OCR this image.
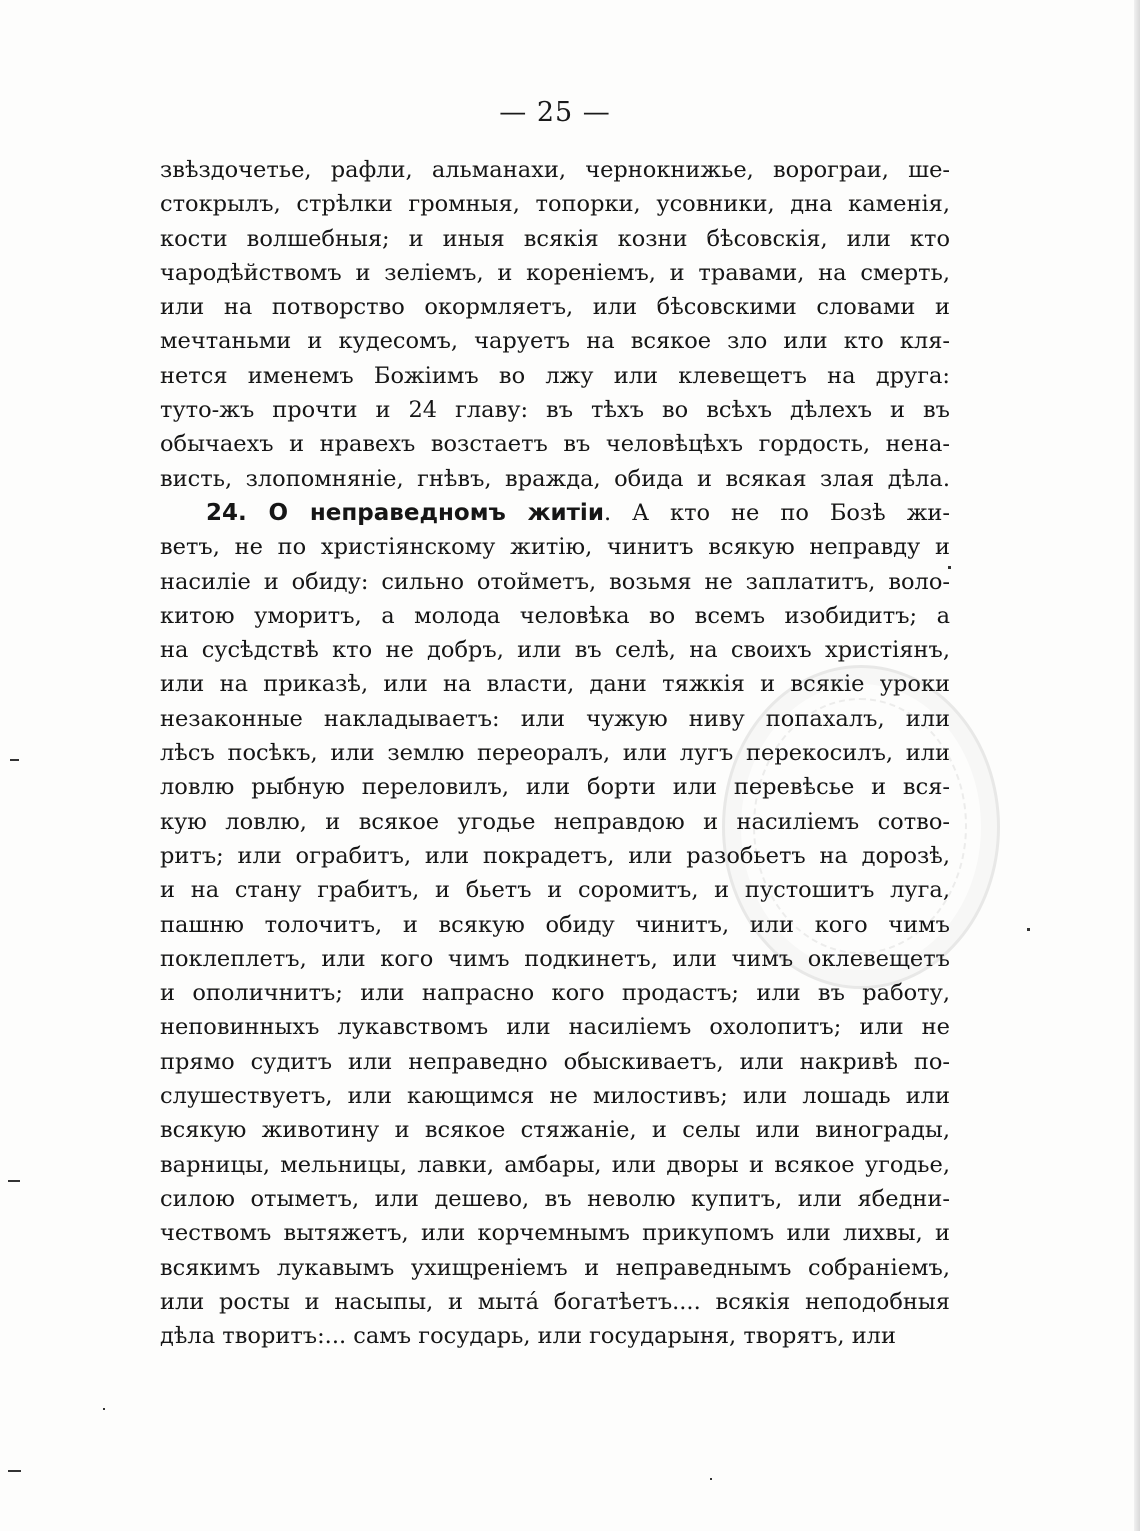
— 25 —
звѣздочетье, рафли, альманахи, чернокнижье, ворограи, ше-
стокрылъ, стрѣлки громныя, топорки, усовники, дна каменія,
кости волшебныя; и иныя всякія козни бѣсовскія, или кто
чародѣйствомъ и зеліемъ, и кореніемъ, и травами, на смерть,
или на потворство окормляетъ, или бѣсовскими словами и
мечтаньми и кудесомъ, чаруетъ на всякое зло или кто кля-
нется именемъ Божіимъ во лжу или клевещетъ на друга:
туто-жъ прочти и 24 главу: въ тѣхъ во всѣхъ дѣлехъ и въ
обычаехъ и нравехъ возстаетъ въ человѣцѣхъ гордость, нена-
висть, злопомняніе, гнѣвъ, вражда, обида и всякая злая дѣла.
24. О неправедномъ житіи. А кто не по Бозѣ жи-
ветъ, не по христіянскому житію, чинитъ всякую неправду и
насиліе и обиду: сильно отойметъ, возьмя не заплатитъ, воло-
китою уморитъ, а молода человѣка во всемъ изобидитъ; а
на сусѣдствѣ кто не добръ, или въ селѣ, на своихъ христіянъ,
или на приказѣ, или на власти, дани тяжкія и всякіе уроки
незаконные накладываетъ: или чужую ниву попахалъ, или
лѣсъ посѣкъ, или землю переоралъ, или лугъ перекосилъ, или
ловлю рыбную переловилъ, или борти или перевѣсье и вся-
кую ловлю, и всякое угодье неправдою и насиліемъ сотво-
ритъ; или ограбитъ, или покрадетъ, или разобьетъ на дорозѣ,
и на стану грабитъ, и бьетъ и соромитъ, и пустошитъ луга,
пашню толочитъ, и всякую обиду чинитъ, или кого чимъ
поклеплетъ, или кого чимъ подкинетъ, или чимъ оклевещетъ
и ополичнитъ; или напрасно кого продастъ; или въ работу,
неповинныхъ лукавствомъ или насиліемъ охолопитъ; или не
прямо судитъ или неправедно обыскиваетъ, или накривѣ по-
слушествуетъ, или кающимся не милостивъ; или лошадь или
всякую животину и всякое стяжаніе, и селы или винограды,
варницы, мельницы, лавки, амбары, или дворы и всякое угодье,
силою отыметъ, или дешево, въ неволю купитъ, или ябедни-
чествомъ вытяжетъ, или корчемнымъ прикупомъ или лихвы, и
всякимъ лукавымъ ухищреніемъ и неправеднымъ собраніемъ,
или росты и насыпы, и мытá богатѣетъ.... всякія неподобныя
дѣла творитъ:... самъ государь, или государыня, творятъ, или
